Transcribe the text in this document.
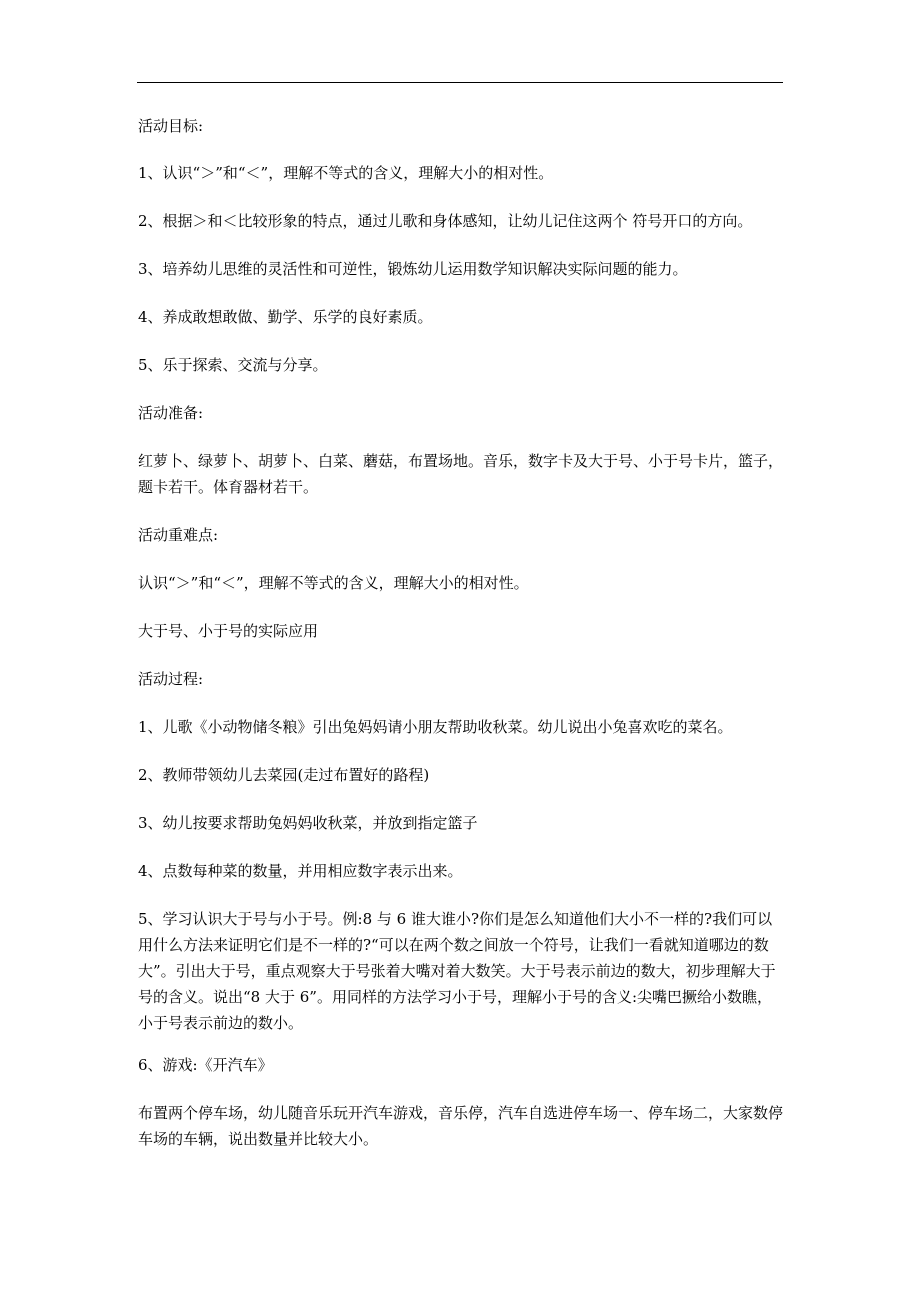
活动目标:
1、认识“＞”和“＜”，理解不等式的含义，理解大小的相对性。
2、根据＞和＜比较形象的特点，通过儿歌和身体感知，让幼儿记住这两个 符号开口的方向。
3、培养幼儿思维的灵活性和可逆性，锻炼幼儿运用数学知识解决实际问题的能力。
4、养成敢想敢做、勤学、乐学的良好素质。
5、乐于探索、交流与分享。
活动准备:
红萝卜、绿萝卜、胡萝卜、白菜、蘑菇，布置场地。音乐，数字卡及大于号、小于号卡片，篮子，题卡若干。体育器材若干。
活动重难点:
认识“＞”和“＜”，理解不等式的含义，理解大小的相对性。
大于号、小于号的实际应用
活动过程:
1、儿歌《小动物储冬粮》引出兔妈妈请小朋友帮助收秋菜。幼儿说出小兔喜欢吃的菜名。
2、教师带领幼儿去菜园(走过布置好的路程)
3、幼儿按要求帮助兔妈妈收秋菜，并放到指定篮子
4、点数每种菜的数量，并用相应数字表示出来。
5、学习认识大于号与小于号。例:8 与 6 谁大谁小?你们是怎么知道他们大小不一样的?我们可以用什么方法来证明它们是不一样的?“可以在两个数之间放一个符号，让我们一看就知道哪边的数大”。引出大于号，重点观察大于号张着大嘴对着大数笑。大于号表示前边的数大，初步理解大于号的含义。说出“8 大于 6”。用同样的方法学习小于号，理解小于号的含义:尖嘴巴撅给小数瞧，小于号表示前边的数小。
6、游戏:《开汽车》
布置两个停车场，幼儿随音乐玩开汽车游戏，音乐停，汽车自选进停车场一、停车场二，大家数停车场的车辆，说出数量并比较大小。
